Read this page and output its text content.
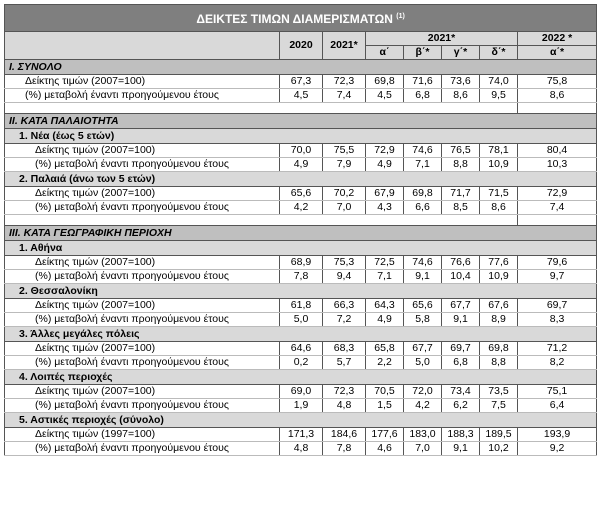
ΔΕΙΚΤΕΣ ΤΙΜΩΝ ΔΙΑΜΕΡΙΣΜΑΤΩΝ $^{(1)}$
	2020	2021*	2021*				2022 *
			α΄	β΄*	γ΄*	δ΄*	α΄*
I. ΣΥΝΟΛΟ							
Δείκτης τιμών (2007=100)	67,3	72,3	69,8	71,6	73,6	74,0	75,8
(%) μεταβολή έναντι προηγούμενου έτους	4,5	7,4	4,5	6,8	8,6	9,5	8,6

II. ΚΑΤΑ ΠΑΛΑΙΟΤΗΤΑ							
1. Νέα (έως 5 ετών)							
Δείκτης τιμών (2007=100)	70,0	75,5	72,9	74,6	76,5	78,1	80,4
(%) μεταβολή έναντι προηγούμενου έτους	4,9	7,9	4,9	7,1	8,8	10,9	10,3
2. Παλαιά (άνω των 5 ετών)							
Δείκτης τιμών (2007=100)	65,6	70,2	67,9	69,8	71,7	71,5	72,9
(%) μεταβολή έναντι προηγούμενου έτους	4,2	7,0	4,3	6,6	8,5	8,6	7,4

III. ΚΑΤΑ ΓΕΩΓΡΑΦΙΚΗ ΠΕΡΙΟΧΗ							
1. Αθήνα							
Δείκτης τιμών (2007=100)	68,9	75,3	72,5	74,6	76,6	77,6	79,6
(%) μεταβολή έναντι προηγούμενου έτους	7,8	9,4	7,1	9,1	10,4	10,9	9,7
2. Θεσσαλονίκη							
Δείκτης τιμών (2007=100)	61,8	66,3	64,3	65,6	67,7	67,6	69,7
(%) μεταβολή έναντι προηγούμενου έτους	5,0	7,2	4,9	5,8	9,1	8,9	8,3
3. Άλλες μεγάλες πόλεις							
Δείκτης τιμών (2007=100)	64,6	68,3	65,8	67,7	69,7	69,8	71,2
(%) μεταβολή έναντι προηγούμενου έτους	0,2	5,7	2,2	5,0	6,8	8,8	8,2
4. Λοιπές περιοχές							
Δείκτης τιμών (2007=100)	69,0	72,3	70,5	72,0	73,4	73,5	75,1
(%) μεταβολή έναντι προηγούμενου έτους	1,9	4,8	1,5	4,2	6,2	7,5	6,4
5. Αστικές περιοχές (σύνολο)							
Δείκτης τιμών (1997=100)	171,3	184,6	177,6	183,0	188,3	189,5	193,9
(%) μεταβολή έναντι προηγούμενου έτους	4,8	7,8	4,6	7,0	9,1	10,2	9,2
